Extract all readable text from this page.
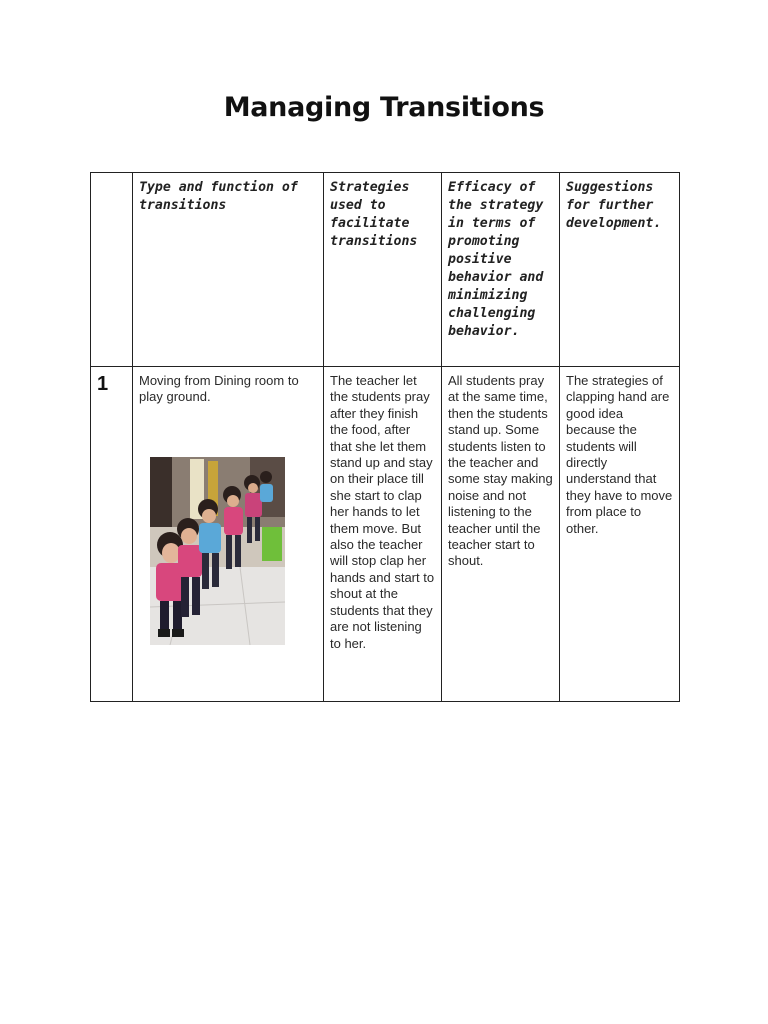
Managing Transitions
	Type and function of transitions	Strategies used to facilitate transitions	Efficacy of the strategy in terms of promoting positive behavior and minimizing challenging behavior.	Suggestions for further development.
1	Moving from Dining room to play ground.	The teacher let the students pray after they finish the food, after that she let them stand up and stay on their place till she start to clap her hands to let them move. But also the teacher will stop clap her hands and start to shout at the students that they are not listening to her.	All students pray at the same time, then the students stand up. Some students listen to the teacher and some stay making noise and not listening to the teacher until the teacher start to shout.	The strategies of clapping hand are good idea because the students will directly understand that they have to move from place to other.
